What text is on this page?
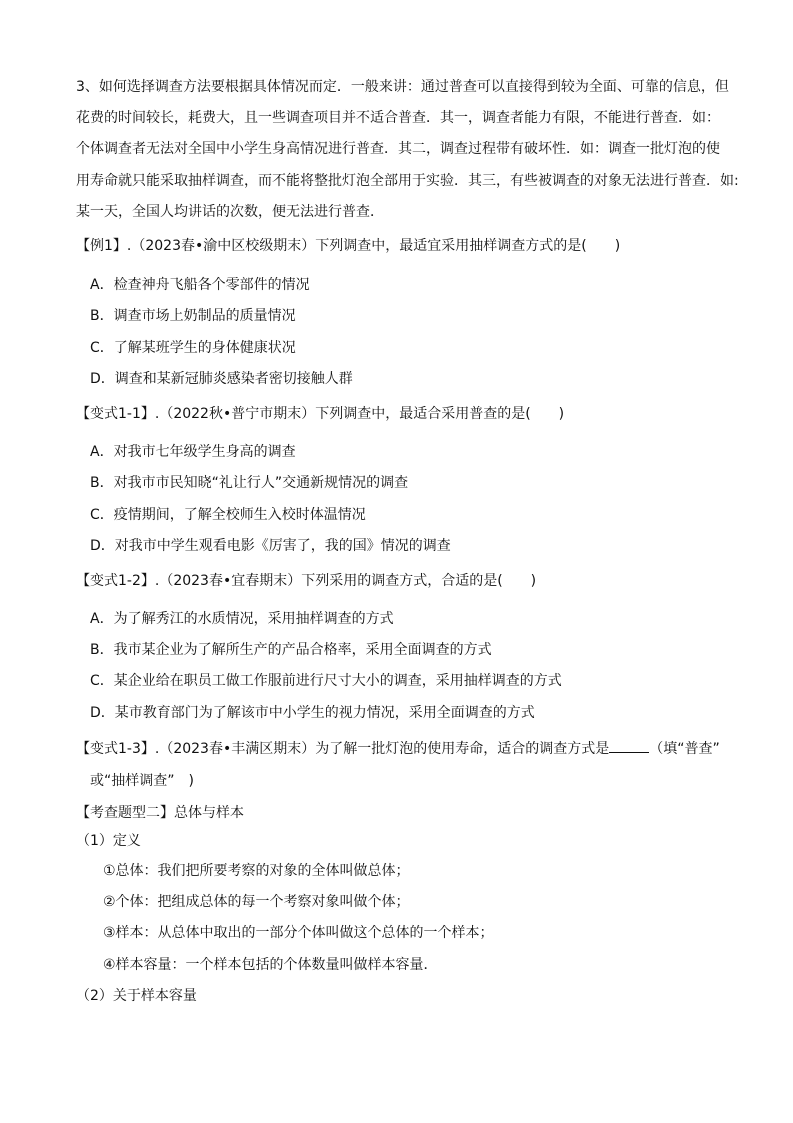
3、如何选择调查方法要根据具体情况而定．一般来讲：通过普查可以直接得到较为全面、可靠的信息，但

花费的时间较长，耗费大，且一些调查项目并不适合普查．其一，调查者能力有限，不能进行普查．如：

个体调查者无法对全国中小学生身高情况进行普查．其二，调查过程带有破坏性．如：调查一批灯泡的使

用寿命就只能采取抽样调查，而不能将整批灯泡全部用于实验．其三，有些被调查的对象无法进行普查．如:

某一天，全国人均讲话的次数，便无法进行普查．

【例1】.（2023春•渝中区校级期末）下列调查中，最适宜采用抽样调查方式的是(　　)
A．检查神舟飞船各个零部件的情况
B．调查市场上奶制品的质量情况
C．了解某班学生的身体健康状况
D．调查和某新冠肺炎感染者密切接触人群
【变式1-1】.（2022秋•普宁市期末）下列调查中，最适合采用普查的是(　　)
A．对我市七年级学生身高的调查
B．对我市市民知晓“礼让行人”交通新规情况的调查
C．疫情期间，了解全校师生入校时体温情况
D．对我市中学生观看电影《厉害了，我的国》情况的调查
【变式1-2】.（2023春•宜春期末）下列采用的调查方式，合适的是(　　)
A．为了解秀江的水质情况，采用抽样调查的方式
B．我市某企业为了解所生产的产品合格率，采用全面调查的方式
C．某企业给在职员工做工作服前进行尺寸大小的调查，采用抽样调查的方式
D．某市教育部门为了解该市中小学生的视力情况，采用全面调查的方式
【变式1-3】.（2023春•丰满区期末）为了解一批灯泡的使用寿命，适合的调查方式是	（填“普查”
或“抽样调查”　)
【考查题型二】总体与样本
（1）定义
①总体：我们把所要考察的对象的全体叫做总体；
②个体：把组成总体的每一个考察对象叫做个体；
③样本：从总体中取出的一部分个体叫做这个总体的一个样本；
④样本容量：一个样本包括的个体数量叫做样本容量．
（2）关于样本容量
